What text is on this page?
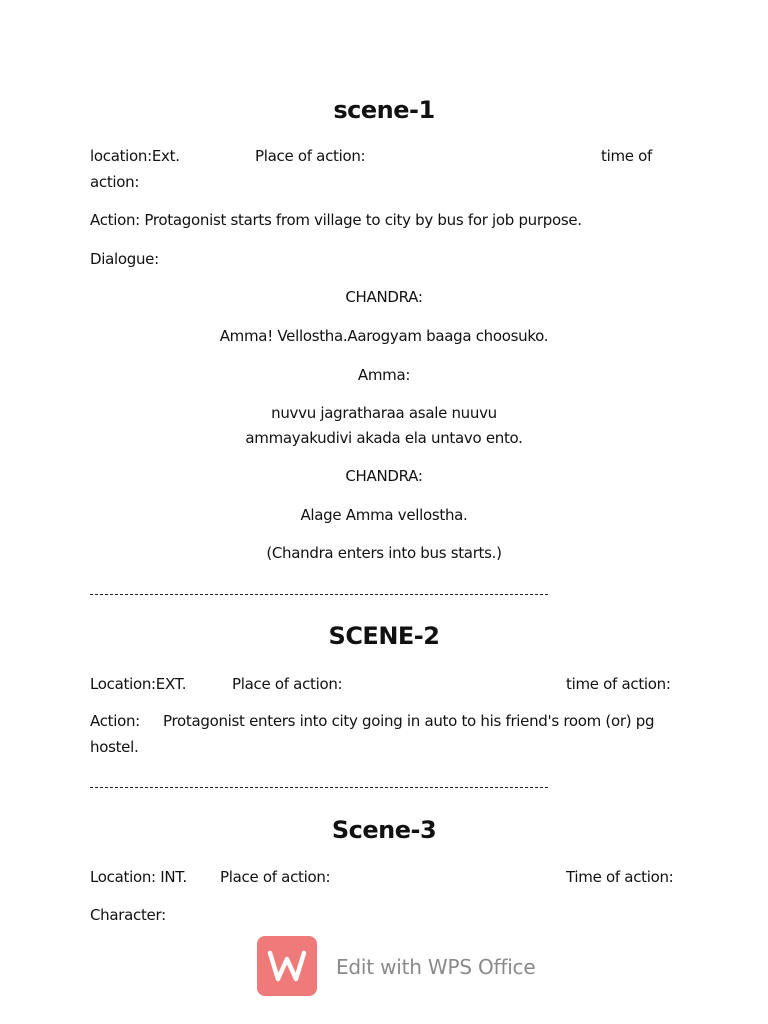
scene-1
location:Ext.	Place of action:	time of
action:
Action: Protagonist starts from village to city by bus for job purpose.
Dialogue:
CHANDRA:
Amma! Vellostha.Aarogyam baaga choosuko.
Amma:
nuvvu jagratharaa asale nuuvu
ammayakudivi akada ela untavo ento.
CHANDRA:
Alage Amma vellostha.
(Chandra enters into bus starts.)
SCENE-2
Location:EXT.	Place of action:	time of action:
Action: Protagonist enters into city going in auto to his friend's room (or) pg
hostel.
Scene-3
Location: INT. Place of action:	Time of action:
Character:
Edit with WPS Office
